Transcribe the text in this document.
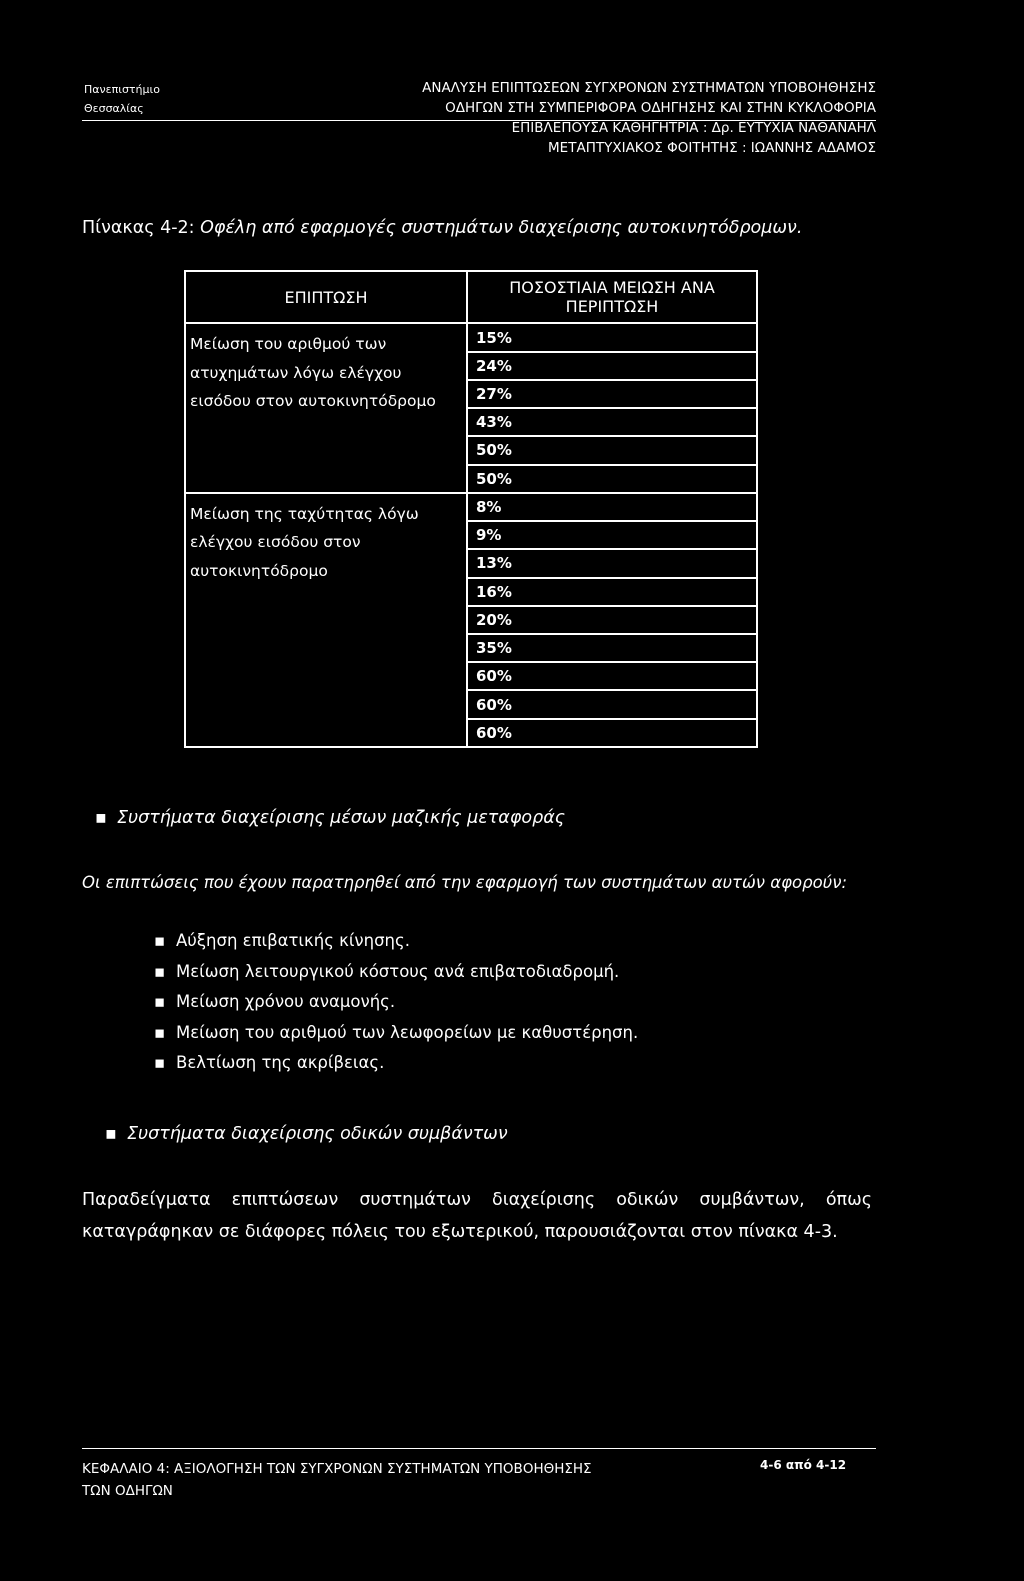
Πανεπιστήμιο
Θεσσαλίας
ΑΝΑΛΥΣΗ ΕΠΙΠΤΩΣΕΩΝ ΣΥΓΧΡΟΝΩΝ ΣΥΣΤΗΜΑΤΩΝ ΥΠΟΒΟΗΘΗΣΗΣ
ΟΔΗΓΩΝ ΣΤΗ ΣΥΜΠΕΡΙΦΟΡΑ ΟΔΗΓΗΣΗΣ ΚΑΙ ΣΤΗΝ ΚΥΚΛΟΦΟΡΙΑ
ΕΠΙΒΛΕΠΟΥΣΑ ΚΑΘΗΓΗΤΡΙΑ : Δρ. ΕΥΤΥΧΙΑ ΝΑΘΑΝΑΗΛ
ΜΕΤΑΠΤΥΧΙΑΚΟΣ ΦΟΙΤΗΤΗΣ : ΙΩΑΝΝΗΣ ΑΔΑΜΟΣ
Πίνακας 4-2: Οφέλη από εφαρμογές συστημάτων διαχείρισης αυτοκινητόδρομων.
ΕΠΙΠΤΩΣΗ	ΠΟΣΟΣΤΙΑΙΑ ΜΕΙΩΣΗ ΑΝΑ ΠΕΡΙΠΤΩΣΗ
Μείωση του αριθμού των ατυχημάτων λόγω ελέγχου εισόδου στον αυτοκινητόδρομο	15%
	24%
	27%
	43%
	50%
	50%
Μείωση της ταχύτητας λόγω ελέγχου εισόδου στον αυτοκινητόδρομο	8%
	9%
	13%
	16%
	20%
	35%
	60%
	60%
	60%
▪ Συστήματα διαχείρισης μέσων μαζικής μεταφοράς
Οι επιπτώσεις που έχουν παρατηρηθεί από την εφαρμογή των συστημάτων αυτών αφορούν:
▪ Αύξηση επιβατικής κίνησης.
▪ Μείωση λειτουργικού κόστους ανά επιβατοδιαδρομή.
▪ Μείωση χρόνου αναμονής.
▪ Μείωση του αριθμού των λεωφορείων με καθυστέρηση.
▪ Βελτίωση της ακρίβειας.
▪ Συστήματα διαχείρισης οδικών συμβάντων
Παραδείγματα επιπτώσεων συστημάτων διαχείρισης οδικών συμβάντων, όπως καταγράφηκαν σε διάφορες πόλεις του εξωτερικού, παρουσιάζονται στον πίνακα 4-3.
ΚΕΦΑΛΑΙΟ 4: ΑΞΙΟΛΟΓΗΣΗ ΤΩΝ ΣΥΓΧΡΟΝΩΝ ΣΥΣΤΗΜΑΤΩΝ ΥΠΟΒΟΗΘΗΣΗΣ
ΤΩΝ ΟΔΗΓΩΝ
4-6 από 4-12
